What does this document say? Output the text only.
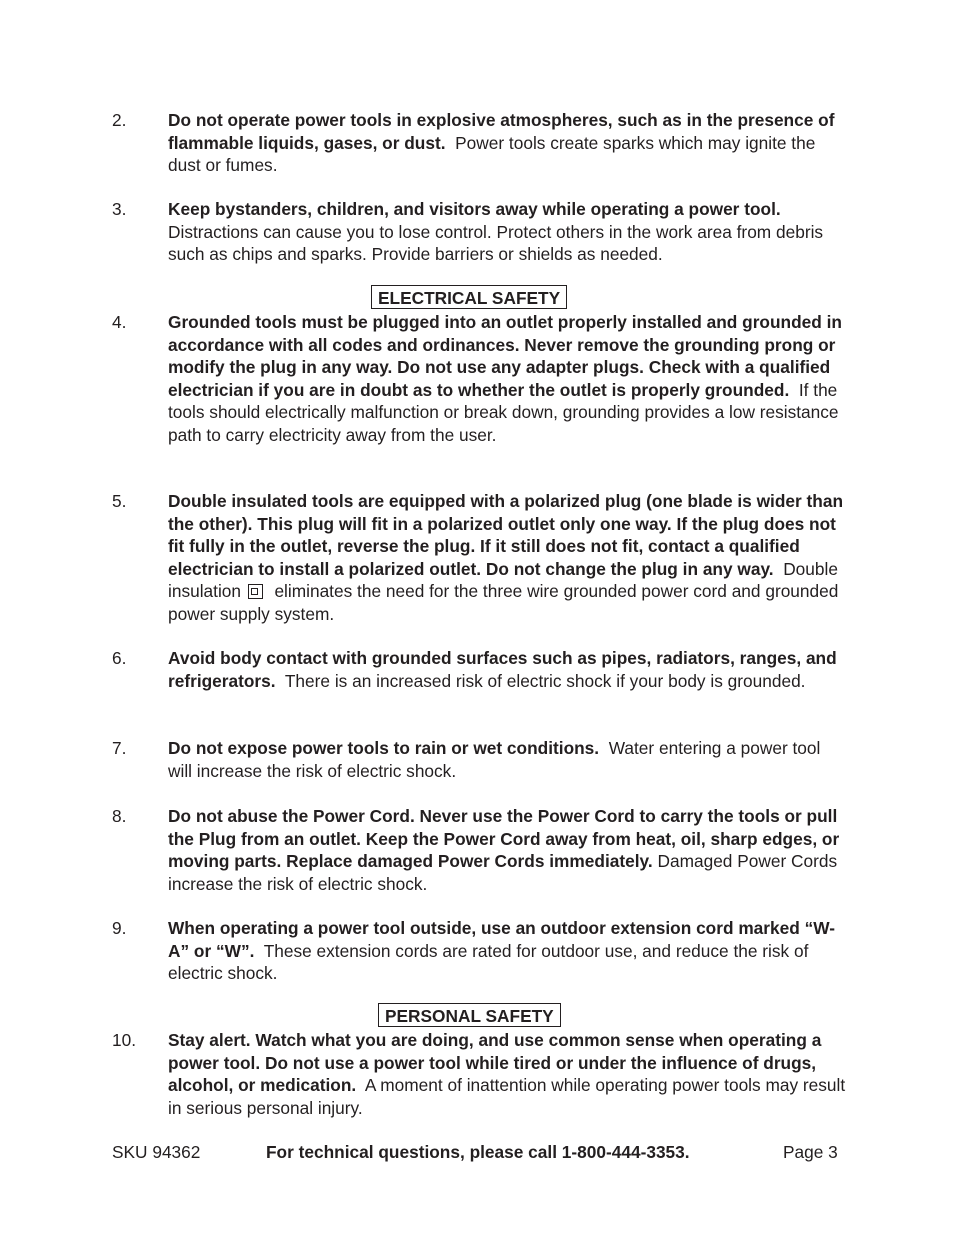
2. Do not operate power tools in explosive atmospheres, such as in the presence of flammable liquids, gases, or dust. Power tools create sparks which may ignite the dust or fumes.
3. Keep bystanders, children, and visitors away while operating a power tool. Distractions can cause you to lose control. Protect others in the work area from debris such as chips and sparks. Provide barriers or shields as needed.
ELECTRICAL SAFETY
4. Grounded tools must be plugged into an outlet properly installed and grounded in accordance with all codes and ordinances. Never remove the grounding prong or modify the plug in any way. Do not use any adapter plugs. Check with a qualified electrician if you are in doubt as to whether the outlet is properly grounded. If the tools should electrically malfunction or break down, grounding provides a low resistance path to carry electricity away from the user.
5. Double insulated tools are equipped with a polarized plug (one blade is wider than the other). This plug will fit in a polarized outlet only one way. If the plug does not fit fully in the outlet, reverse the plug. If it still does not fit, contact a qualified electrician to install a polarized outlet. Do not change the plug in any way. Double insulation eliminates the need for the three wire grounded power cord and grounded power supply system.
6. Avoid body contact with grounded surfaces such as pipes, radiators, ranges, and refrigerators. There is an increased risk of electric shock if your body is grounded.
7. Do not expose power tools to rain or wet conditions. Water entering a power tool will increase the risk of electric shock.
8. Do not abuse the Power Cord. Never use the Power Cord to carry the tools or pull the Plug from an outlet. Keep the Power Cord away from heat, oil, sharp edges, or moving parts. Replace damaged Power Cords immediately. Damaged Power Cords increase the risk of electric shock.
9. When operating a power tool outside, use an outdoor extension cord marked “W-A” or “W”. These extension cords are rated for outdoor use, and reduce the risk of electric shock.
PERSONAL SAFETY
10. Stay alert. Watch what you are doing, and use common sense when operating a power tool. Do not use a power tool while tired or under the influence of drugs, alcohol, or medication. A moment of inattention while operating power tools may result in serious personal injury.
SKU 94362	For technical questions, please call 1-800-444-3353.	Page 3
